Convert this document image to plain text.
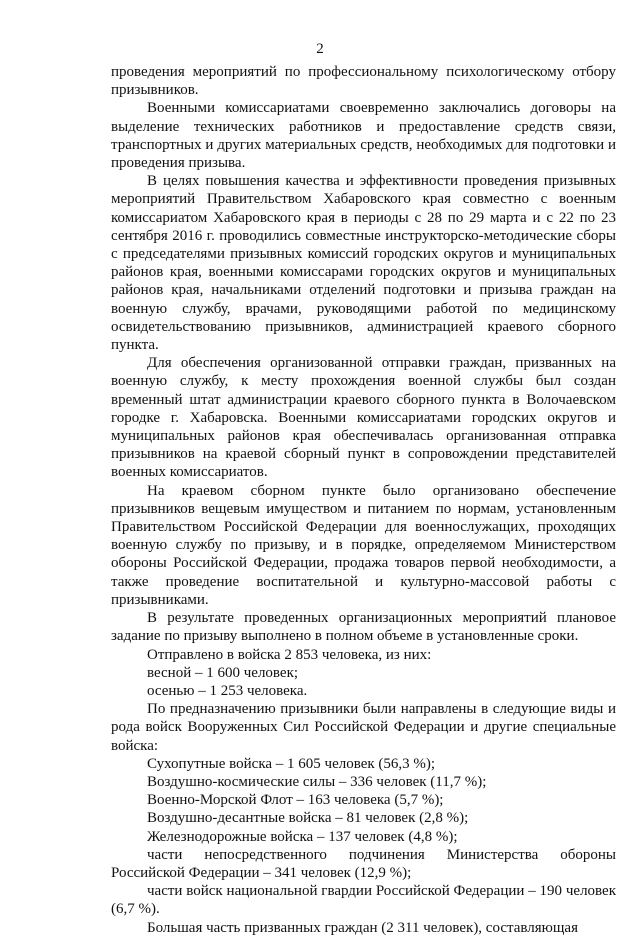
2

проведения мероприятий по профессиональному психологическому отбору призывников.

Военными комиссариатами своевременно заключались договоры на выделение технических работников и предоставление средств связи, транспортных и других материальных средств, необходимых для подготовки и проведения призыва.

В целях повышения качества и эффективности проведения призывных мероприятий Правительством Хабаровского края совместно с военным комиссариатом Хабаровского края в периоды с 28 по 29 марта и с 22 по 23 сентября 2016 г. проводились совместные инструкторско-методические сборы с председателями призывных комиссий городских округов и муниципальных районов края, военными комиссарами городских округов и муниципальных районов края, начальниками отделений подготовки и призыва граждан на военную службу, врачами, руководящими работой по медицинскому освидетельствованию призывников, администрацией краевого сборного пункта.

Для обеспечения организованной отправки граждан, призванных на военную службу, к месту прохождения военной службы был создан временный штат администрации краевого сборного пункта в Волочаевском городке г. Хабаровска. Военными комиссариатами городских округов и муниципальных районов края обеспечивалась организованная отправка призывников на краевой сборный пункт в сопровождении представителей военных комиссариатов.

На краевом сборном пункте было организовано обеспечение призывников вещевым имуществом и питанием по нормам, установленным Правительством Российской Федерации для военнослужащих, проходящих военную службу по призыву, и в порядке, определяемом Министерством обороны Российской Федерации, продажа товаров первой необходимости, а также проведение воспитательной и культурно-массовой работы с призывниками.

В результате проведенных организационных мероприятий плановое задание по призыву выполнено в полном объеме в установленные сроки.

Отправлено в войска 2 853 человека, из них:

весной – 1 600 человек;

осенью – 1 253 человека.

По предназначению призывники были направлены в следующие виды и рода войск Вооруженных Сил Российской Федерации и другие специальные войска:

Сухопутные войска – 1 605 человек (56,3 %);

Воздушно-космические силы – 336 человек (11,7 %);

Военно-Морской Флот – 163 человека (5,7 %);

Воздушно-десантные войска – 81 человек (2,8 %);

Железнодорожные войска – 137 человек (4,8 %);

части непосредственного подчинения Министерства обороны Российской Федерации – 341 человек (12,9 %);

части войск национальной гвардии Российской Федерации – 190 человек (6,7 %).

Большая часть призванных граждан (2 311 человек), составляющая
